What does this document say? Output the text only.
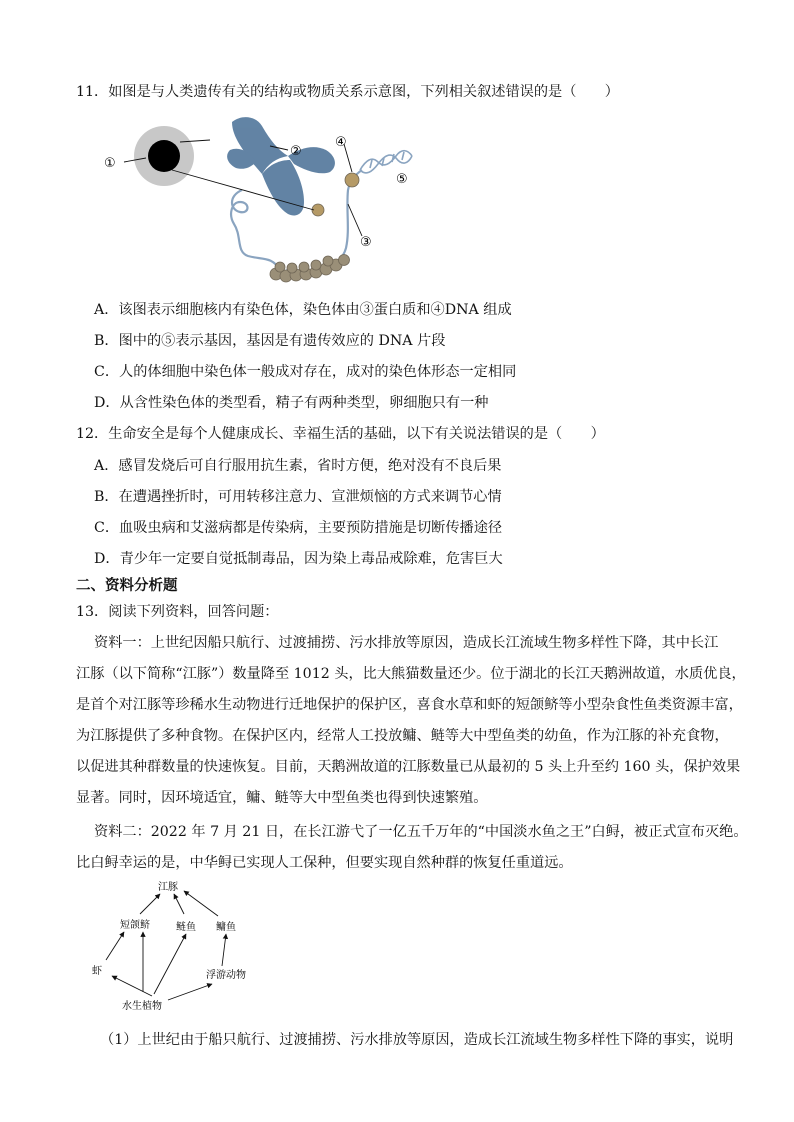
11．如图是与人类遗传有关的结构或物质关系示意图，下列相关叙述错误的是（　　）
①
②
③
④
⑤
A．该图表示细胞核内有染色体，染色体由③蛋白质和④DNA 组成
B．图中的⑤表示基因，基因是有遗传效应的 DNA 片段
C．人的体细胞中染色体一般成对存在，成对的染色体形态一定相同
D．从含性染色体的类型看，精子有两种类型，卵细胞只有一种
12．生命安全是每个人健康成长、幸福生活的基础，以下有关说法错误的是（　　）
A．感冒发烧后可自行服用抗生素，省时方便，绝对没有不良后果
B．在遭遇挫折时，可用转移注意力、宣泄烦恼的方式来调节心情
C．血吸虫病和艾滋病都是传染病，主要预防措施是切断传播途径
D．青少年一定要自觉抵制毒品，因为染上毒品戒除难，危害巨大
二、资料分析题
13．阅读下列资料，回答问题：
资料一：上世纪因船只航行、过渡捕捞、污水排放等原因，造成长江流域生物多样性下降，其中长江
江豚（以下简称“江豚”）数量降至 1012 头，比大熊猫数量还少。位于湖北的长江天鹅洲故道，水质优良，
是首个对江豚等珍稀水生动物进行迁地保护的保护区，喜食水草和虾的短颌鲚等小型杂食性鱼类资源丰富，
为江豚提供了多种食物。在保护区内，经常人工投放鳙、鲢等大中型鱼类的幼鱼，作为江豚的补充食物，
以促进其种群数量的快速恢复。目前，天鹅洲故道的江豚数量已从最初的 5 头上升至约 160 头，保护效果
显著。同时，因环境适宜，鳙、鲢等大中型鱼类也得到快速繁殖。
资料二：2022 年 7 月 21 日，在长江游弋了一亿五千万年的“中国淡水鱼之王”白鲟，被正式宣布灭绝。
比白鲟幸运的是，中华鲟已实现人工保种，但要实现自然种群的恢复任重道远。
江豚
短颌鲚	鲢鱼 鳙鱼
虾	浮游动物
水生植物
（1）上世纪由于船只航行、过渡捕捞、污水排放等原因，造成长江流域生物多样性下降的事实，说明
